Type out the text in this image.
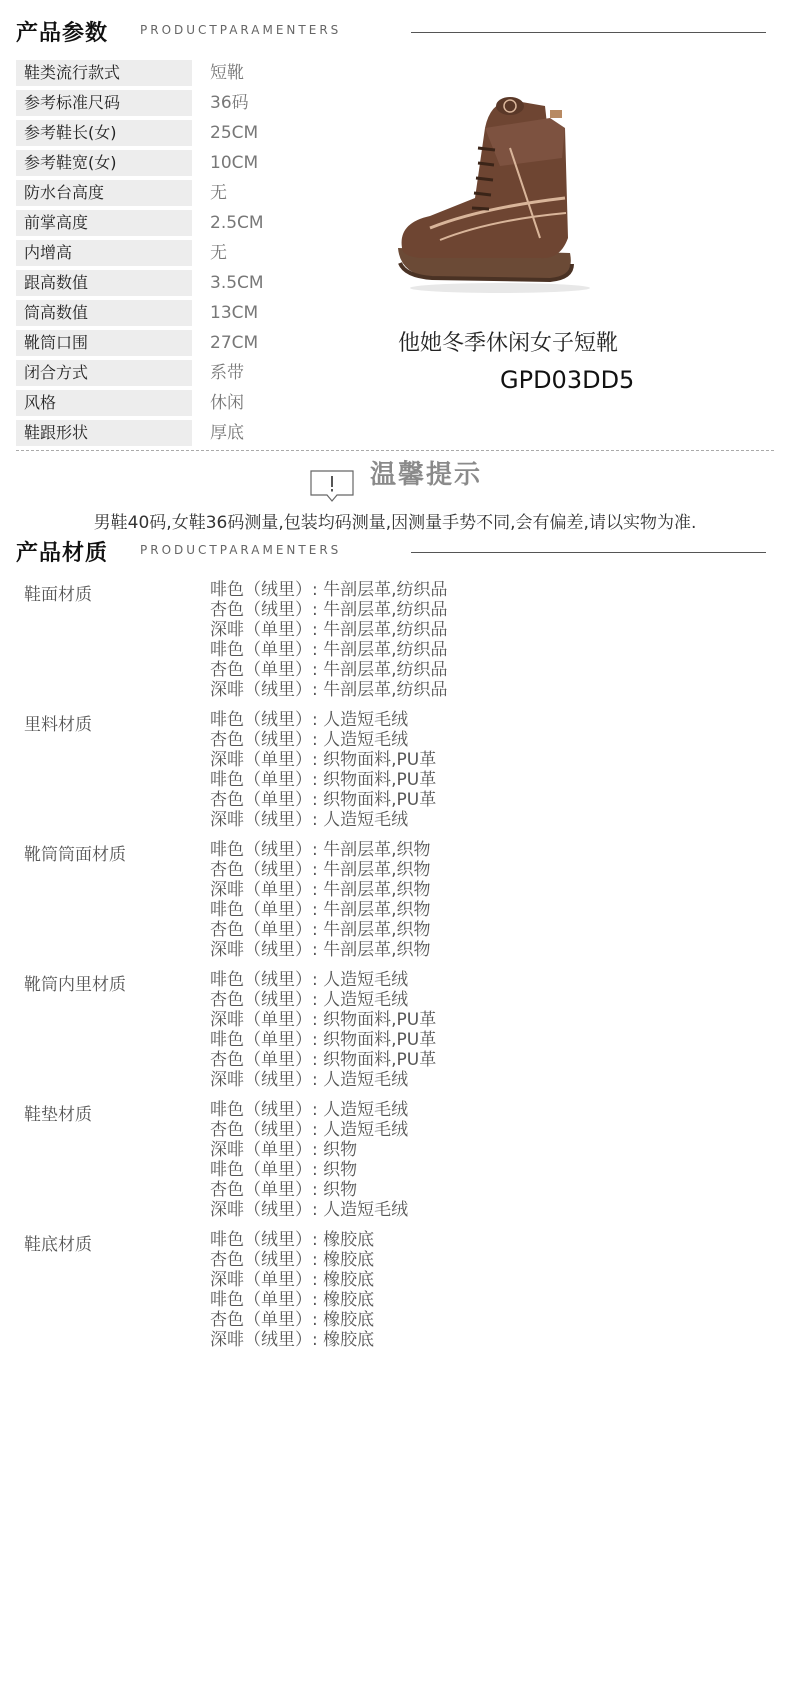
产品参数	PRODUCTPARAMENTERS
鞋类流行款式	短靴
参考标准尺码	36码
参考鞋长(女)	25CM
参考鞋宽(女)	10CM
防水台高度	无
前掌高度	2.5CM
内增高	无
跟高数值	3.5CM
筒高数值	13CM
靴筒口围	27CM
闭合方式	系带
风格	休闲
鞋跟形状	厚底
他她冬季休闲女子短靴
GPD03DD5
温馨提示
男鞋40码,女鞋36码测量,包装均码测量,因测量手势不同,会有偏差,请以实物为准.
产品材质	PRODUCTPARAMENTERS
鞋面材质	啡色（绒里）: 牛剖层革,纺织品
杏色（绒里）: 牛剖层革,纺织品
深啡（单里）: 牛剖层革,纺织品
啡色（单里）: 牛剖层革,纺织品
杏色（单里）: 牛剖层革,纺织品
深啡（绒里）: 牛剖层革,纺织品
里料材质	啡色（绒里）: 人造短毛绒
杏色（绒里）: 人造短毛绒
深啡（单里）: 织物面料,PU革
啡色（单里）: 织物面料,PU革
杏色（单里）: 织物面料,PU革
深啡（绒里）: 人造短毛绒
靴筒筒面材质	啡色（绒里）: 牛剖层革,织物
杏色（绒里）: 牛剖层革,织物
深啡（单里）: 牛剖层革,织物
啡色（单里）: 牛剖层革,织物
杏色（单里）: 牛剖层革,织物
深啡（绒里）: 牛剖层革,织物
靴筒内里材质	啡色（绒里）: 人造短毛绒
杏色（绒里）: 人造短毛绒
深啡（单里）: 织物面料,PU革
啡色（单里）: 织物面料,PU革
杏色（单里）: 织物面料,PU革
深啡（绒里）: 人造短毛绒
鞋垫材质	啡色（绒里）: 人造短毛绒
杏色（绒里）: 人造短毛绒
深啡（单里）: 织物
啡色（单里）: 织物
杏色（单里）: 织物
深啡（绒里）: 人造短毛绒
鞋底材质	啡色（绒里）: 橡胶底
杏色（绒里）: 橡胶底
深啡（单里）: 橡胶底
啡色（单里）: 橡胶底
杏色（单里）: 橡胶底
深啡（绒里）: 橡胶底
